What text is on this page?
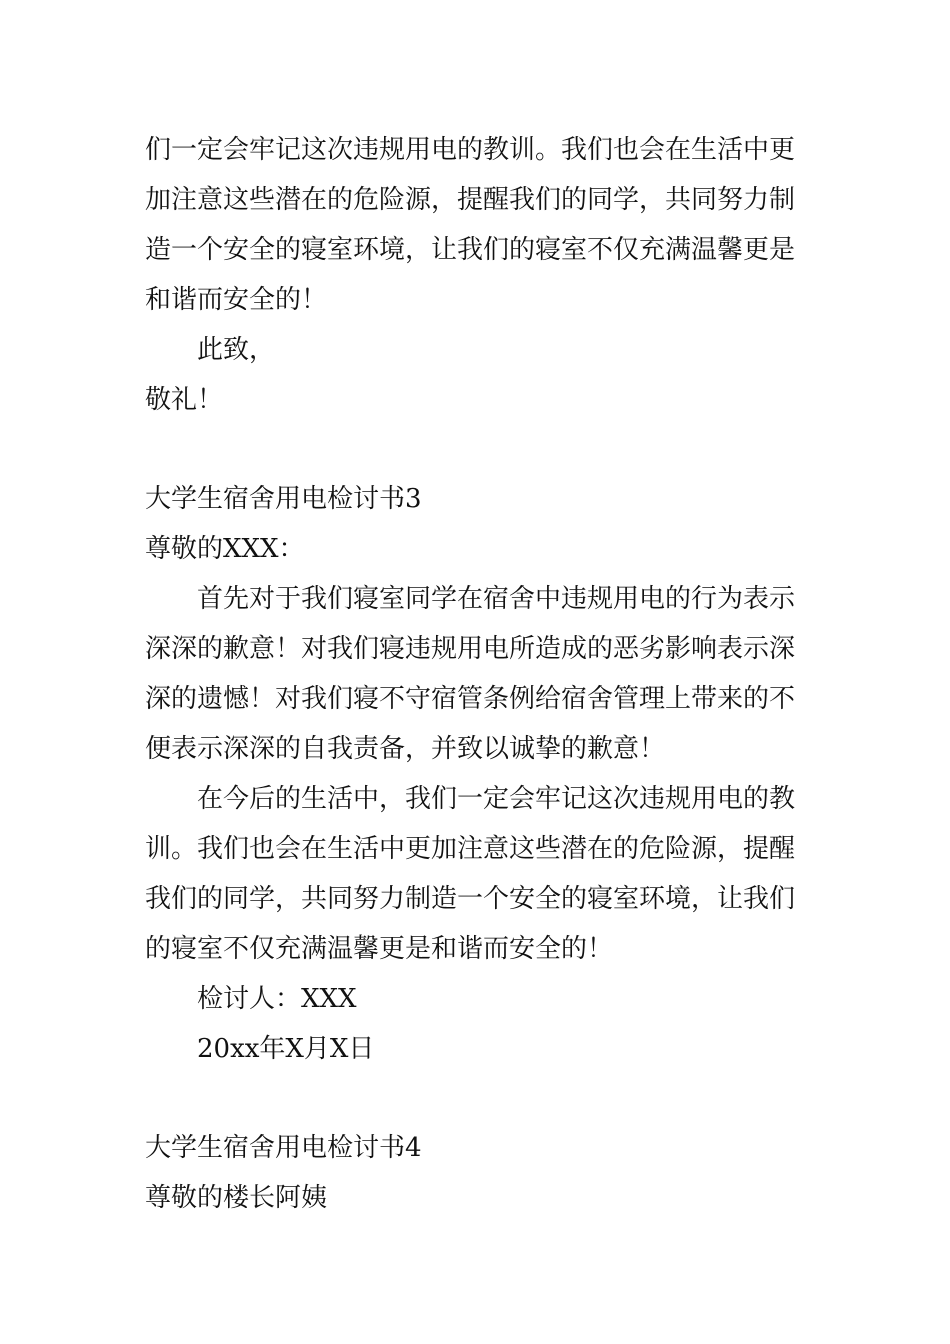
们一定会牢记这次违规用电的教训。我们也会在生活中更
加注意这些潜在的危险源，提醒我们的同学，共同努力制
造一个安全的寝室环境，让我们的寝室不仅充满温馨更是
和谐而安全的！
此致，
敬礼！
大学生宿舍用电检讨书3
尊敬的XXX：
首先对于我们寝室同学在宿舍中违规用电的行为表示
深深的歉意！对我们寝违规用电所造成的恶劣影响表示深
深的遗憾！对我们寝不守宿管条例给宿舍管理上带来的不
便表示深深的自我责备，并致以诚挚的歉意！
在今后的生活中，我们一定会牢记这次违规用电的教
训。我们也会在生活中更加注意这些潜在的危险源，提醒
我们的同学，共同努力制造一个安全的寝室环境，让我们
的寝室不仅充满温馨更是和谐而安全的！
检讨人：XXX
20xx年X月X日
大学生宿舍用电检讨书4
尊敬的楼长阿姨
